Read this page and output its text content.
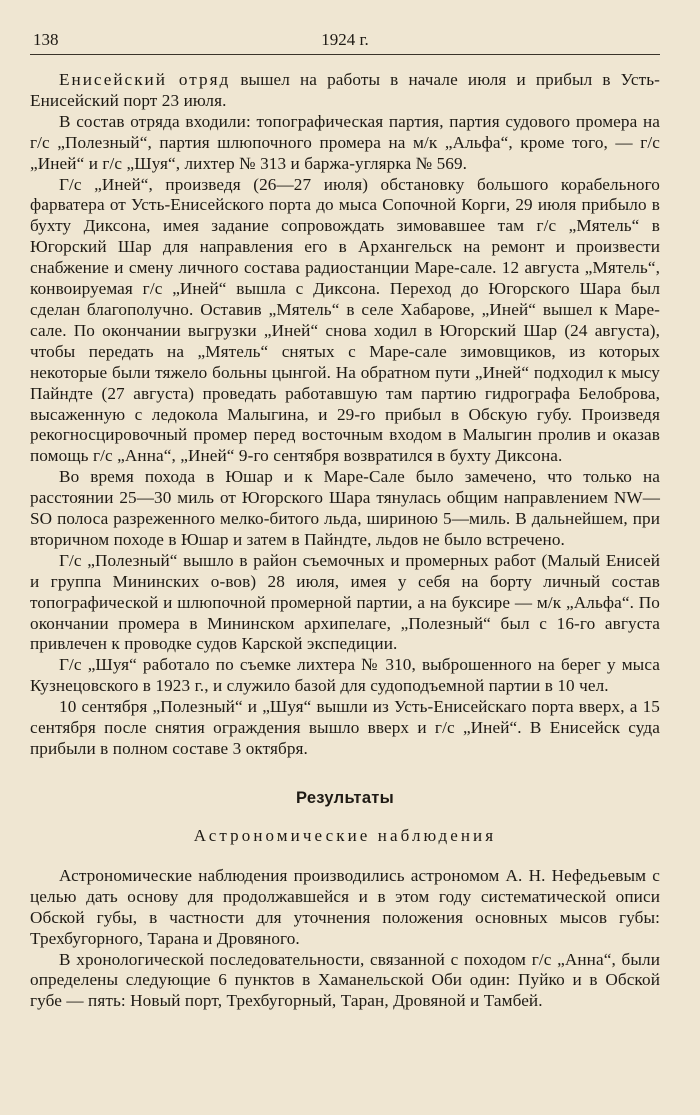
138	1924 г.

Енисейский отряд вышел на работы в начале июля и прибыл в Усть-Енисейский порт 23 июля.

В состав отряда входили: топографическая партия, партия судового промера на г/с „Полезный“, партия шлюпочного промера на м/к „Альфа“, кроме того, — г/с „Иней“ и г/с „Шуя“, лихтер № 313 и баржа-углярка № 569.

Г/с „Иней“, произведя (26—27 июля) обстановку большого корабельного фарватера от Усть-Енисейского порта до мыса Сопочной Корги, 29 июля прибыло в бухту Диксона, имея задание сопровождать зимовавшее там г/с „Мятель“ в Югорский Шар для направления его в Архангельск на ремонт и произвести снабжение и смену личного состава радиостанции Маре-сале. 12 августа „Мятель“, конвоируемая г/с „Иней“ вышла с Диксона. Переход до Югорского Шара был сделан благополучно. Оставив „Мятель“ в селе Хабарове, „Иней“ вышел к Маре-сале. По окончании выгрузки „Иней“ снова ходил в Югорский Шар (24 августа), чтобы передать на „Мятель“ снятых с Маре-сале зимовщиков, из которых некоторые были тяжело больны цынгой. На обратном пути „Иней“ подходил к мысу Пайндте (27 августа) проведать работавшую там партию гидрографа Белоброва, высаженную с ледокола Малыгина, и 29-го прибыл в Обскую губу. Произведя рекогносцировочный промер перед восточным входом в Малыгин пролив и оказав помощь г/с „Анна“, „Иней“ 9-го сентября возвратился в бухту Диксона.

Во время похода в Юшар и к Маре-Сале было замечено, что только на расстоянии 25—30 миль от Югорского Шара тянулась общим направлением NW—SO полоса разреженного мелко-битого льда, шириною 5—миль. В дальнейшем, при вторичном походе в Юшар и затем в Пайндте, льдов не было встречено.

Г/с „Полезный“ вышло в район съемочных и промерных работ (Малый Енисей и группа Мининских о-вов) 28 июля, имея у себя на борту личный состав топографической и шлюпочной промерной партии, а на буксире — м/к „Альфа“. По окончании промера в Мининском архипелаге, „Полезный“ был с 16-го августа привлечен к проводке судов Карской экспедиции.

Г/с „Шуя“ работало по съемке лихтера № 310, выброшенного на берег у мыса Кузнецовского в 1923 г., и служило базой для судоподъемной партии в 10 чел.

10 сентября „Полезный“ и „Шуя“ вышли из Усть-Енисейскаго порта вверх, а 15 сентября после снятия ограждения вышло вверх и г/с „Иней“. В Енисейск суда прибыли в полном составе 3 октября.

Результаты
Астрономические наблюдения

Астрономические наблюдения производились астрономом А. Н. Нефедьевым с целью дать основу для продолжавшейся и в этом году систематической описи Обской губы, в частности для уточнения положения основных мысов губы: Трехбугорного, Тарана и Дровяного.

В хронологической последовательности, связанной с походом г/с „Анна“, были определены следующие 6 пунктов в Хаманельской Оби один: Пуйко и в Обской губе — пять: Новый порт, Трехбугорный, Таран, Дровяной и Тамбей.
